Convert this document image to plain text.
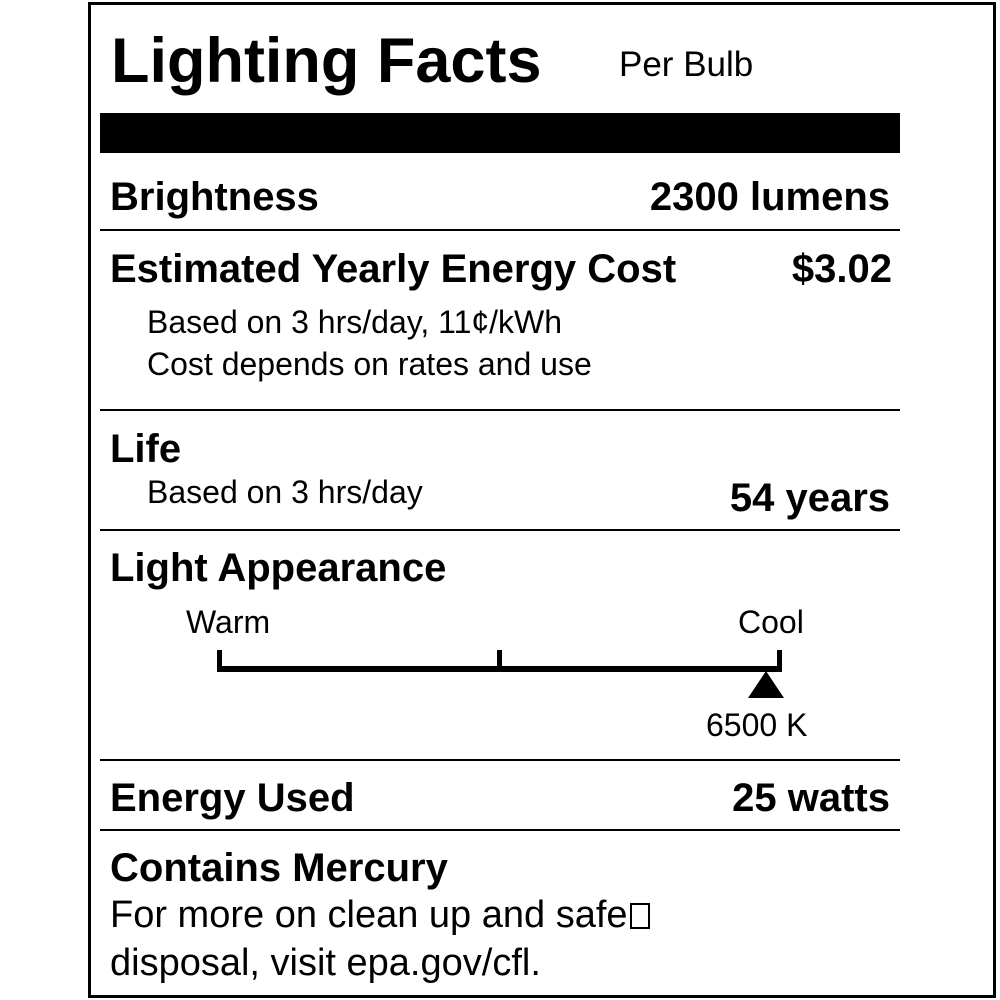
Lighting Facts Per Bulb
Brightness	2300 lumens
Estimated Yearly Energy Cost	$3.02
Based on 3 hrs/day, 11¢/kWh
Cost depends on rates and use
Life
Based on 3 hrs/day	54 years
Light Appearance
Warm	Cool
6500 K
Energy Used	25 watts
Contains Mercury
For more on clean up and safe
disposal, visit epa.gov/cfl.
